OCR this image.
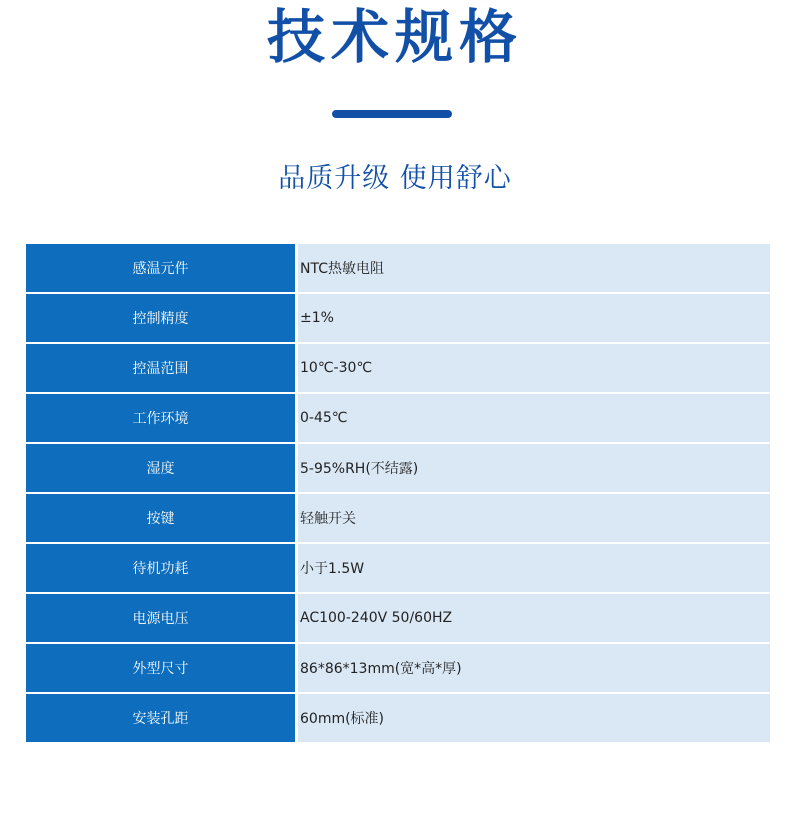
技术规格
品质升级 使用舒心
感温元件	NTC热敏电阻
控制精度	±1%
控温范围	10℃-30℃
工作环境	0-45℃
湿度	5-95%RH(不结露)
按键	轻触开关
待机功耗	小于1.5W
电源电压	AC100-240V 50/60HZ
外型尺寸	86*86*13mm(宽*高*厚)
安装孔距	60mm(标准)
